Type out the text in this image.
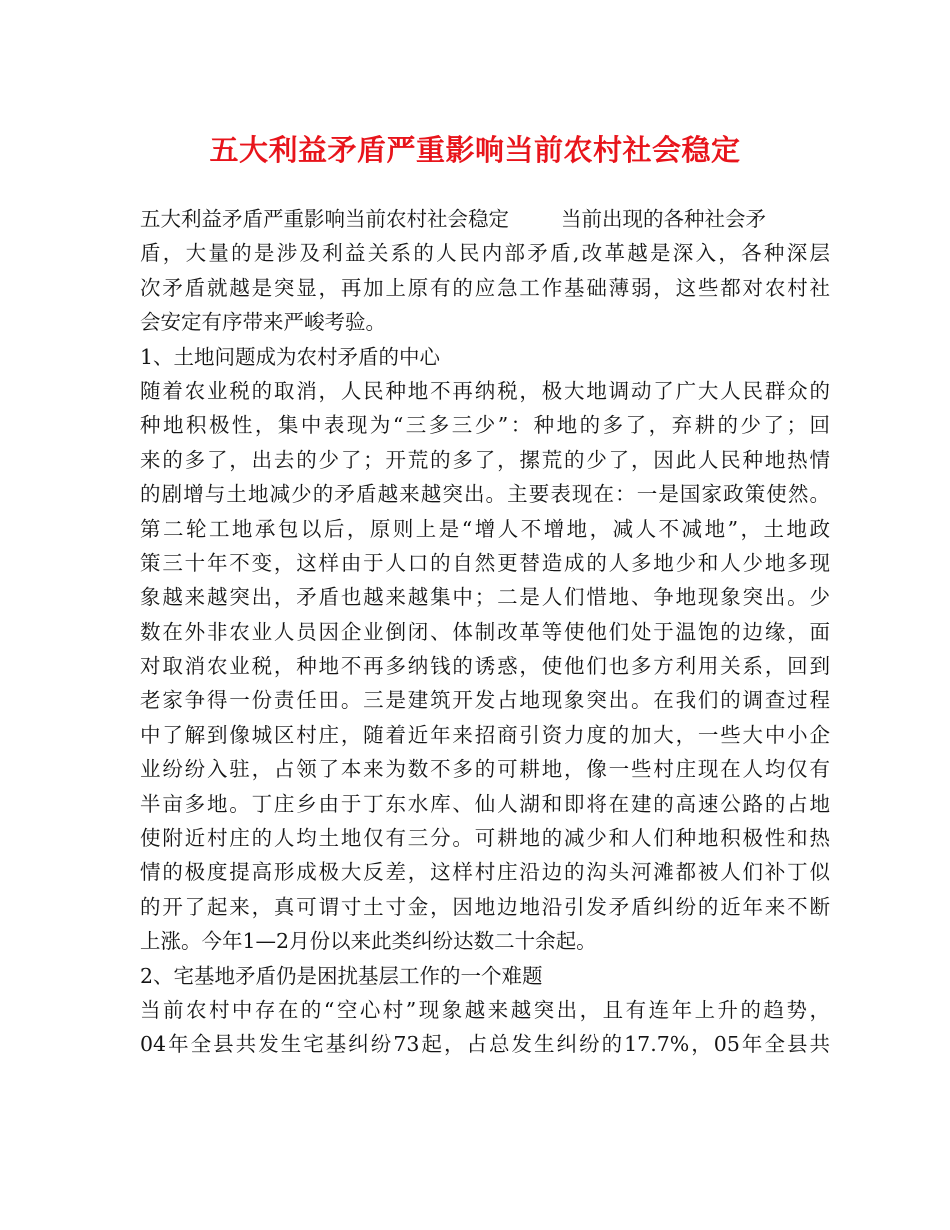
五大利益矛盾严重影响当前农村社会稳定
五大利益矛盾严重影响当前农村社会稳定	当前出现的各种社会矛
盾，大量的是涉及利益关系的人民内部矛盾,改革越是深入，各种深层
次矛盾就越是突显，再加上原有的应急工作基础薄弱，这些都对农村社
会安定有序带来严峻考验。
1、土地问题成为农村矛盾的中心
随着农业税的取消，人民种地不再纳税，极大地调动了广大人民群众的
种地积极性，集中表现为“三多三少”：种地的多了，弃耕的少了；回
来的多了，出去的少了；开荒的多了，摞荒的少了，因此人民种地热情
的剧增与土地减少的矛盾越来越突出。主要表现在：一是国家政策使然。
第二轮工地承包以后，原则上是“增人不增地，减人不减地”，土地政
策三十年不变，这样由于人口的自然更替造成的人多地少和人少地多现
象越来越突出，矛盾也越来越集中；二是人们惜地、争地现象突出。少
数在外非农业人员因企业倒闭、体制改革等使他们处于温饱的边缘，面
对取消农业税，种地不再多纳钱的诱惑，使他们也多方利用关系，回到
老家争得一份责任田。三是建筑开发占地现象突出。在我们的调查过程
中了解到像城区村庄，随着近年来招商引资力度的加大，一些大中小企
业纷纷入驻，占领了本来为数不多的可耕地，像一些村庄现在人均仅有
半亩多地。丁庄乡由于丁东水库、仙人湖和即将在建的高速公路的占地
使附近村庄的人均土地仅有三分。可耕地的减少和人们种地积极性和热
情的极度提高形成极大反差，这样村庄沿边的沟头河滩都被人们补丁似
的开了起来，真可谓寸土寸金，因地边地沿引发矛盾纠纷的近年来不断
上涨。今年1—2月份以来此类纠纷达数二十余起。
2、宅基地矛盾仍是困扰基层工作的一个难题
当前农村中存在的“空心村”现象越来越突出，且有连年上升的趋势，
04年全县共发生宅基纠纷73起，占总发生纠纷的17.7%，05年全县共
